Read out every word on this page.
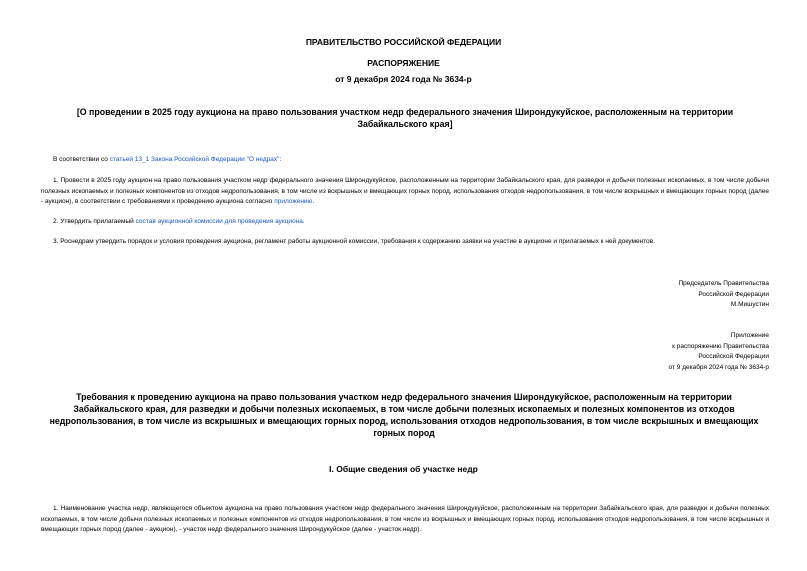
ПРАВИТЕЛЬСТВО РОССИЙСКОЙ ФЕДЕРАЦИИ

РАСПОРЯЖЕНИЕ

от 9 декабря 2024 года № 3634-р

[О проведении в 2025 году аукциона на право пользования участком недр федерального значения Широндукуйское, расположенным на территории Забайкальского края]

В соответствии со статьей 13_1 Закона Российской Федерации "О недрах":

1. Провести в 2025 году аукцион на право пользования участком недр федерального значения Широндукуйское, расположенным на территории Забайкальского края, для разведки и добычи полезных ископаемых, в том числе добычи полезных ископаемых и полезных компонентов из отходов недропользования, в том числе из вскрышных и вмещающих горных пород, использования отходов недропользования, в том числе вскрышных и вмещающих горных пород (далее - аукцион), в соответствии с требованиями к проведению аукциона согласно приложению.

2. Утвердить прилагаемый состав аукционной комиссии для проведения аукциона.

3. Роснедрам утвердить порядок и условия проведения аукциона, регламент работы аукционной комиссии, требования к содержанию заявки на участие в аукционе и прилагаемых к ней документов.

Председатель Правительства
Российской Федерации
М.Мишустин
Приложение
к распоряжению Правительства
Российской Федерации
от 9 декабря 2024 года № 3634-р

Требования к проведению аукциона на право пользования участком недр федерального значения Широндукуйское, расположенным на территории Забайкальского края, для разведки и добычи полезных ископаемых, в том числе добычи полезных ископаемых и полезных компонентов из отходов недропользования, в том числе из вскрышных и вмещающих горных пород, использования отходов недропользования, в том числе вскрышных и вмещающих горных пород

I. Общие сведения об участке недр

1. Наименование участка недр, являющегося объектом аукциона на право пользования участком недр федерального значения Широндукуйское, расположенным на территории Забайкальского края, для разведки и добычи полезных ископаемых, в том числе добычи полезных ископаемых и полезных компонентов из отходов недропользования, в том числе из вскрышных и вмещающих горных пород, использования отходов недропользования, в том числе вскрышных и вмещающих горных пород (далее - аукцион), - участок недр федерального значения Широндукуйское (далее - участок недр).
